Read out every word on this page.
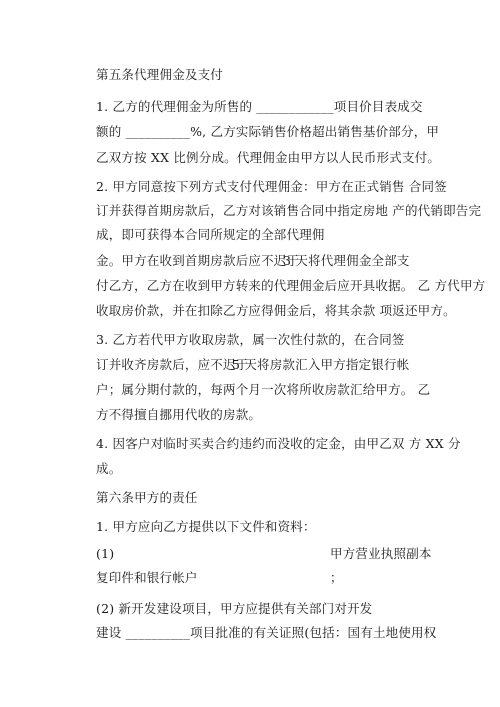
第五条代理佣金及支付
1. 乙方的代理佣金为所售的 ____________项目价目表成交
额的 __________%, 乙方实际销售价格超出销售基价部分，甲
乙双方按 XX 比例分成。代理佣金由甲方以人民币形式支付。
2. 甲方同意按下列方式支付代理佣金：甲方在正式销售 合同签
订并获得首期房款后，乙方对该销售合同中指定房地 产的代销即告完
成，即可获得本合同所规定的全部代理佣
金。甲方在收到首期房款后应不迟于
3 天将代理佣金全部支
付乙方，乙方在收到甲方转来的代理佣金后应开具收据。 乙 方代甲方
收取房价款，并在扣除乙方应得佣金后，将其余款 项返还甲方。
3. 乙方若代甲方收取房款，属一次性付款的，在合同签
订并收齐房款后，应不迟于
5 天将房款汇入甲方指定银行帐
户；属分期付款的，每两个月一次将所收房款汇给甲方。 乙
方不得擅自挪用代收的房款。
4. 因客户对临时买卖合约违约而没收的定金，由甲乙双 方 XX 分
成。
第六条甲方的责任
1. 甲方应向乙方提供以下文件和资料：
(1)	甲方营业执照副本
复印件和银行帐户	；
(2) 新开发建设项目，甲方应提供有关部门对开发
建设 __________项目批准的有关证照(包括：国有土地使用权
